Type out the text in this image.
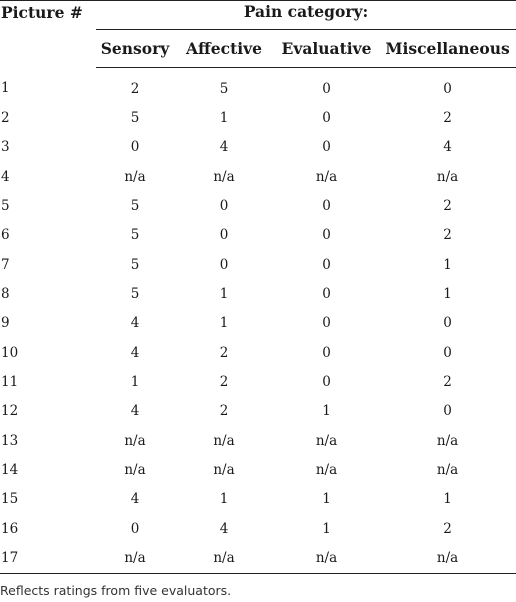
Picture #	Pain category:			
	Sensory	Affective	Evaluative	Miscellaneous
1	2	5	0	0
2	5	1	0	2
3	0	4	0	4
4	n/a	n/a	n/a	n/a
5	5	0	0	2
6	5	0	0	2
7	5	0	0	1
8	5	1	0	1
9	4	1	0	0
10	4	2	0	0
11	1	2	0	2
12	4	2	1	0
13	n/a	n/a	n/a	n/a
14	n/a	n/a	n/a	n/a
15	4	1	1	1
16	0	4	1	2
17	n/a	n/a	n/a	n/a
Reflects ratings from five evaluators.
